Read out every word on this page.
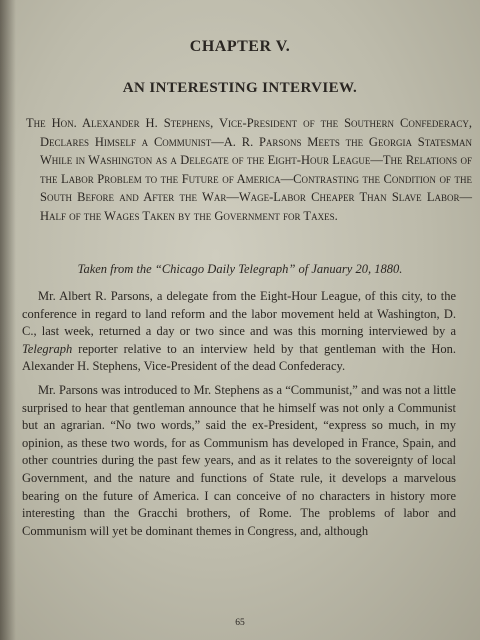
CHAPTER V.
AN INTERESTING INTERVIEW.

The Hon. Alexander H. Stephens, Vice-President of the Southern Confederacy, Declares Himself a Communist—A. R. Parsons Meets the Georgia Statesman While in Washington as a Delegate of the Eight-Hour League—The Relations of the Labor Problem to the Future of America—Contrasting the Condition of the South Before and After the War—Wage-Labor Cheaper Than Slave Labor—Half of the Wages Taken by the Government for Taxes.

Taken from the “Chicago Daily Telegraph” of January 20, 1880.

Mr. Albert R. Parsons, a delegate from the Eight-Hour League, of this city, to the conference in regard to land reform and the labor movement held at Washington, D. C., last week, returned a day or two since and was this morning interviewed by a Telegraph reporter relative to an interview held by that gentleman with the Hon. Alexander H. Stephens, Vice-President of the dead Confederacy.

Mr. Parsons was introduced to Mr. Stephens as a “Communist,” and was not a little surprised to hear that gentleman announce that he himself was not only a Communist but an agrarian. “No two words,” said the ex-President, “express so much, in my opinion, as these two words, for as Communism has developed in France, Spain, and other countries during the past few years, and as it relates to the sovereignty of local Government, and the nature and functions of State rule, it develops a marvelous bearing on the future of America. I can conceive of no characters in history more interesting than the Gracchi brothers, of Rome. The problems of labor and Communism will yet be dominant themes in Congress, and, although

65
